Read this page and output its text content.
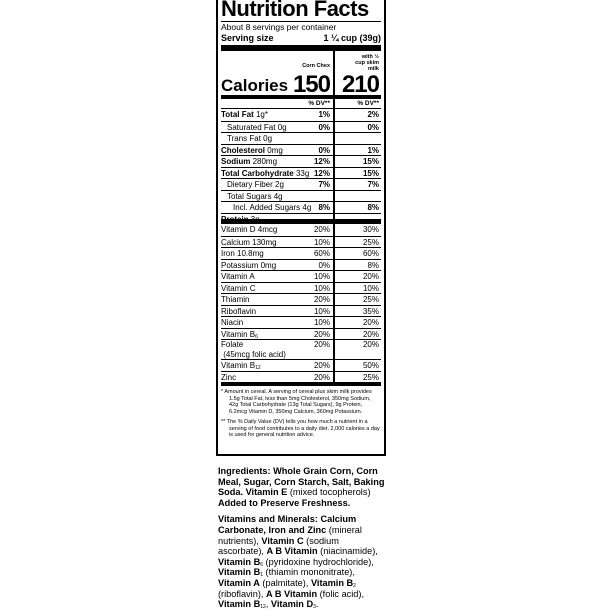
Nutrition Facts
About 8 servings per container
Serving size	1 ¼ cup (39g)
Calories
Corn Chex
150
with ½
cup skim
milk
210
% DV**	% DV**
Total Fat 1g*	1%	2%
Saturated Fat 0g	0%	0%
Trans Fat 0g
Cholesterol 0mg	0%	1%
Sodium 280mg	12%	15%
Total Carbohydrate 33g 12%	15%
Dietary Fiber 2g	7%	7%
Total Sugars 4g
Incl. Added Sugars 4g 8%	8%
Protein 3g
Vitamin D 4mcg	20%	30%
Calcium 130mg	10%	25%
Iron 10.8mg	60%	60%
Potassium 0mg	0%	8%
Vitamin A	10%	20%
Vitamin C	10%	10%
Thiamin	20%	25%
Riboflavin	10%	35%
Niacin	10%	20%
Vitamin $B_6$	20%	20%
Folate
(45mcg folic acid)
20%	20%
Vitamin $B_{12}$	20%	50%
Zinc	20%	25%
* Amount in cereal. A serving of cereal plus skim milk provides 1.5g Total Fat, less than 5mg Cholesterol, 350mg Sodium, 42g Total Carbohydrate (13g Total Sugars), 9g Protein, 6.2mcg Vitamin D, 350mg Calcium, 360mg Potassium.
** The % Daily Value (DV) tells you how much a nutrient in a serving of food contributes to a daily diet. 2,000 calories a day is used for general nutrition advice.

Ingredients: Whole Grain Corn, Corn Meal, Sugar, Corn Starch, Salt, Baking Soda. Vitamin E (mixed tocopherols) Added to Preserve Freshness.

Vitamins and Minerals: Calcium Carbonate, Iron and Zinc (mineral nutrients), Vitamin C (sodium ascorbate), A B Vitamin (niacinamide), Vitamin $B_6$ (pyridoxine hydrochloride), Vitamin $B_1$ (thiamin mononitrate), Vitamin A (palmitate), Vitamin $B_2$ (riboflavin), A B Vitamin (folic acid), Vitamin $B_{12}$, Vitamin $D_3$.
